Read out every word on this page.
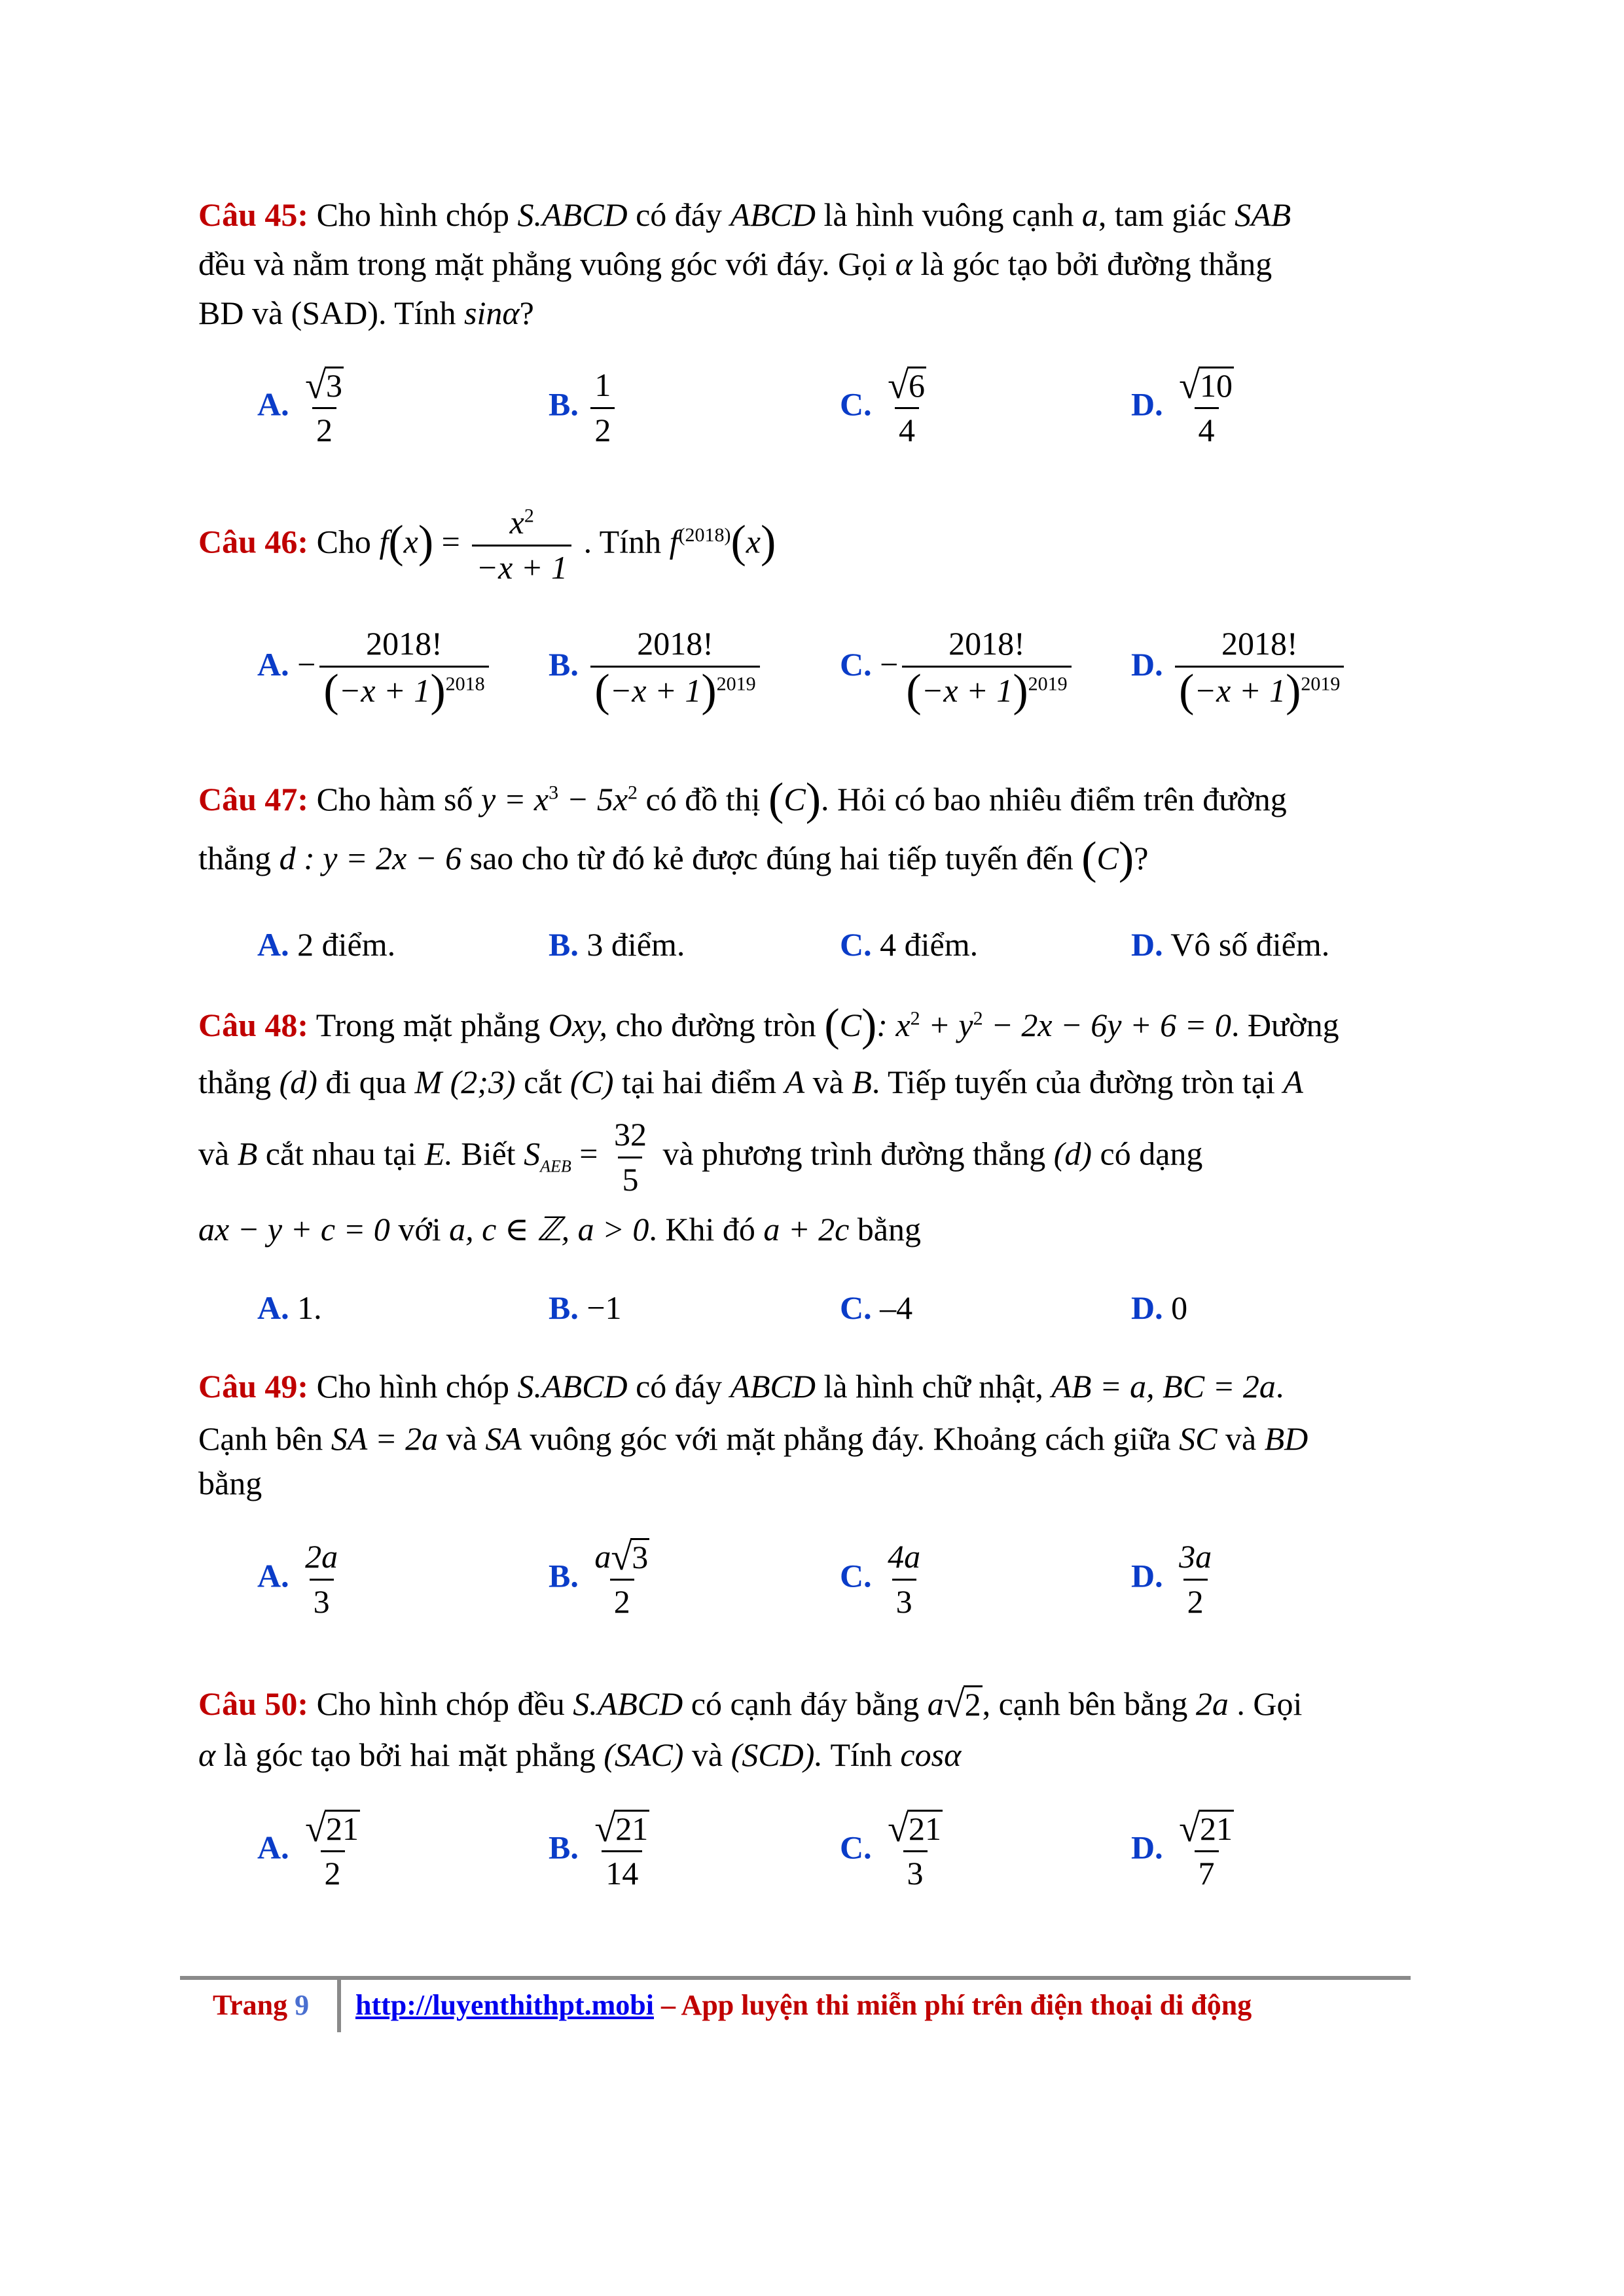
Câu 45: Cho hình chóp S.ABCD có đáy ABCD là hình vuông cạnh a, tam giác SAB
đều và nằm trong mặt phẳng vuông góc với đáy. Gọi α là góc tạo bởi đường thẳng
BD và (SAD). Tính sinα?
A. $\frac{√ 3}{2}$	B. $\frac{1}{2}$	C. $\frac{√ 6}{4}$	D. $\frac{√ 10}{4}$
Câu 46: Cho $f(x) = \frac{x^2}{-x + 1}$ . Tính $f^{(2018)}(x)$
A. − $\frac{2018!}{(-x + 1)^{2018}} B$. $\frac{2018!}{(-x + 1)^{2019}} C$. − $\frac{2018!}{(-x + 1)^{2019}} D$. $\frac{2018!}{(-x + 1)^{2019}}$
Câu 47: Cho hàm số $y = x^3 - 5x^2$ có đồ thị (C). Hỏi có bao nhiêu điểm trên đường
thẳng d : y = 2x − 6 sao cho từ đó kẻ được đúng hai tiếp tuyến đến (C)?
A. 2 điểm.	B. 3 điểm.	C. 4 điểm.	D. Vô số điểm.
Câu 48: Trong mặt phẳng Oxy, cho đường tròn (C): $x^2 + y^2 - 2x - 6y + 6 = 0$. Đường
thẳng (d) đi qua M (2;3) cắt (C) tại hai điểm A và B. Tiếp tuyến của đường tròn tại A
và B cắt nhau tại E. Biết $S_{AEB} = \frac{32}{5}$ và phương trình đường thẳng (d) có dạng
ax − y + c = 0 với a, c ∈ ℤ, a > 0. Khi đó a + 2c bằng
A. 1.	B. −1	C. –4	D. 0
Câu 49: Cho hình chóp S.ABCD có đáy ABCD là hình chữ nhật, AB = a, BC = 2a.
Cạnh bên SA = 2a và SA vuông góc với mặt phẳng đáy. Khoảng cách giữa SC và BD
bằng
A. $\frac{2a}{3}$	B. $\frac{a √ 3}{2}$	C. $\frac{4a}{3}$	D. $\frac{3a}{2}$
Câu 50: Cho hình chóp đều S.ABCD có cạnh đáy bằng a √ 2 , cạnh bên bằng 2a . Gọi
α là góc tạo bởi hai mặt phẳng (SAC) và (SCD). Tính cosα
A. $\frac{√ 21}{2}$	B. $\frac{√ 21}{14}$	C. $\frac{√ 21}{3}$	D. $\frac{√ 21}{7}$
Trang 9 http://luyenthithpt.mobi – App luyện thi miễn phí trên điện thoại di động
